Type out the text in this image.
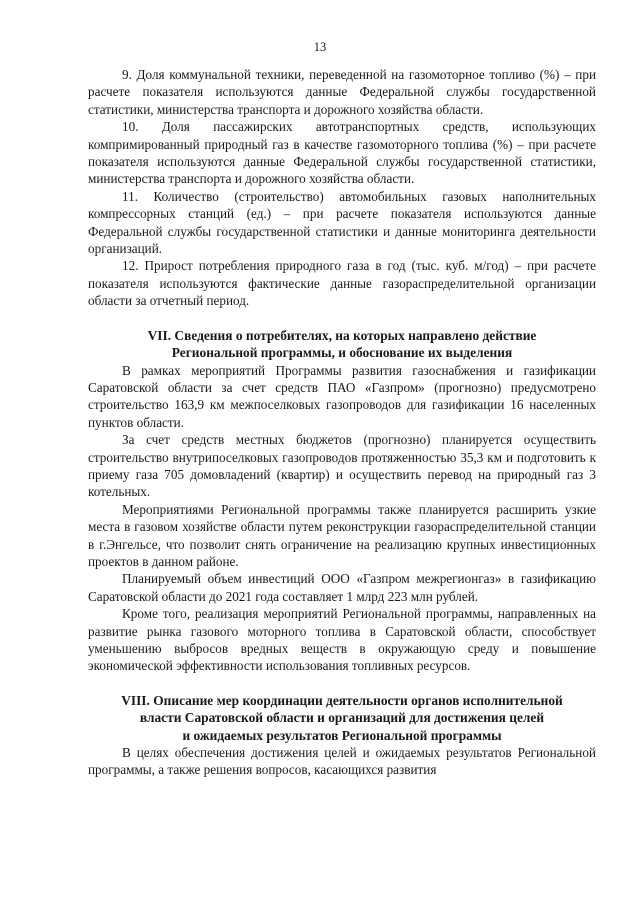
13

9. Доля коммунальной техники, переведенной на газомоторное топливо (%) – при расчете показателя используются данные Федеральной службы государственной статистики, министерства транспорта и дорожного хозяйства области.

10. Доля пассажирских автотранспортных средств, использующих компримированный природный газ в качестве газомоторного топлива (%) – при расчете показателя используются данные Федеральной службы государственной статистики, министерства транспорта и дорожного хозяйства области.

11. Количество (строительство) автомобильных газовых наполнительных компрессорных станций (ед.) – при расчете показателя используются данные Федеральной службы государственной статистики и данные мониторинга деятельности организаций.

12. Прирост потребления природного газа в год (тыс. куб. м/год) – при расчете показателя используются фактические данные газораспределительной организации области за отчетный период.

VII. Сведения о потребителях, на которых направлено действие

Региональной программы, и обоснование их выделения

В рамках мероприятий Программы развития газоснабжения и газификации Саратовской области за счет средств ПАО «Газпром» (прогнозно) предусмотрено строительство 163,9 км межпоселковых газопроводов для газификации 16 населенных пунктов области.

За счет средств местных бюджетов (прогнозно) планируется осуществить строительство внутрипоселковых газопроводов протяженностью 35,3 км и подготовить к приему газа 705 домовладений (квартир) и осуществить перевод на природный газ 3 котельных.

Мероприятиями Региональной программы также планируется расширить узкие места в газовом хозяйстве области путем реконструкции газораспределительной станции в г.Энгельсе, что позволит снять ограничение на реализацию крупных инвестиционных проектов в данном районе.

Планируемый объем инвестиций ООО «Газпром межрегионгаз» в газификацию Саратовской области до 2021 года составляет 1 млрд 223 млн рублей.

Кроме того, реализация мероприятий Региональной программы, направленных на развитие рынка газового моторного топлива в Саратовской области, способствует уменьшению выбросов вредных веществ в окружающую среду и повышение экономической эффективности использования топливных ресурсов.

VIII. Описание мер координации деятельности органов исполнительной

власти Саратовской области и организаций для достижения целей

и ожидаемых результатов Региональной программы

В целях обеспечения достижения целей и ожидаемых результатов Региональной программы, а также решения вопросов, касающихся развития
